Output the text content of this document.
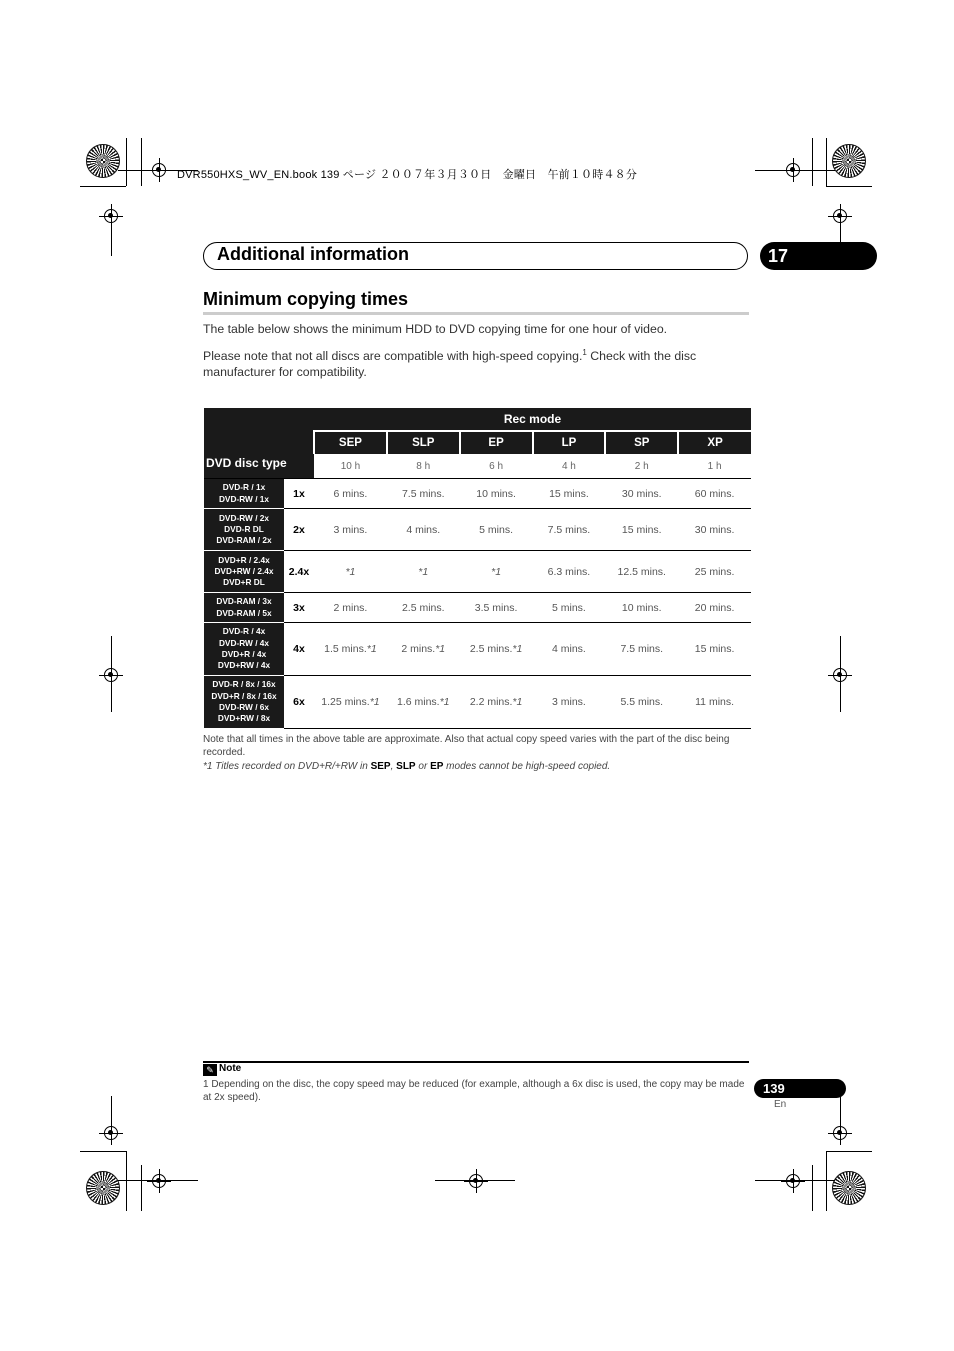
DVR550HXS_WV_EN.book 139 ページ ２００７年３月３０日　金曜日　午前１０時４８分
Additional information	17
Minimum copying times
The table below shows the minimum HDD to DVD copying time for one hour of video.
Please note that not all discs are compatible with high-speed copying.$^1$ Check with the disc manufacturer for compatibility.
DVD disc type		Rec mode					
		SEP	SLP	EP	LP	SP	XP
		10 h	8 h	6 h	4 h	2 h	1 h

DVD-R / 1x
DVD-RW / 1x	1x	6 mins.	7.5 mins.	10 mins.	15 mins.	30 mins.	60 mins.

DVD-RW / 2x
DVD-R DL
DVD-RAM / 2x	2x	3 mins.	4 mins.	5 mins.	7.5 mins.	15 mins.	30 mins.

DVD+R / 2.4x
DVD+RW / 2.4x
DVD+R DL	2.4x	*1	*1	*1	6.3 mins.	12.5 mins.	25 mins.

DVD-RAM / 3x
DVD-RAM / 5x	3x	2 mins.	2.5 mins.	3.5 mins.	5 mins.	10 mins.	20 mins.

DVD-R / 4x
DVD-RW / 4x
DVD+R / 4x
DVD+RW / 4x	4x	1.5 mins.*1	2 mins.*1	2.5 mins.*1	4 mins.	7.5 mins.	15 mins.

DVD-R / 8x / 16x
DVD+R / 8x / 16x
DVD-RW / 6x
DVD+RW / 8x	6x	1.25 mins.*1	1.6 mins.*1	2.2 mins.*1	3 mins.	5.5 mins.	11 mins.
Note that all times in the above table are approximate. Also that actual copy speed varies with the part of the disc being recorded.
*1 Titles recorded on DVD+R/+RW in SEP, SLP or EP modes cannot be high-speed copied.
✎ Note
1 Depending on the disc, the copy speed may be reduced (for example, although a 6x disc is used, the copy may be made at 2x speed).
139
En
